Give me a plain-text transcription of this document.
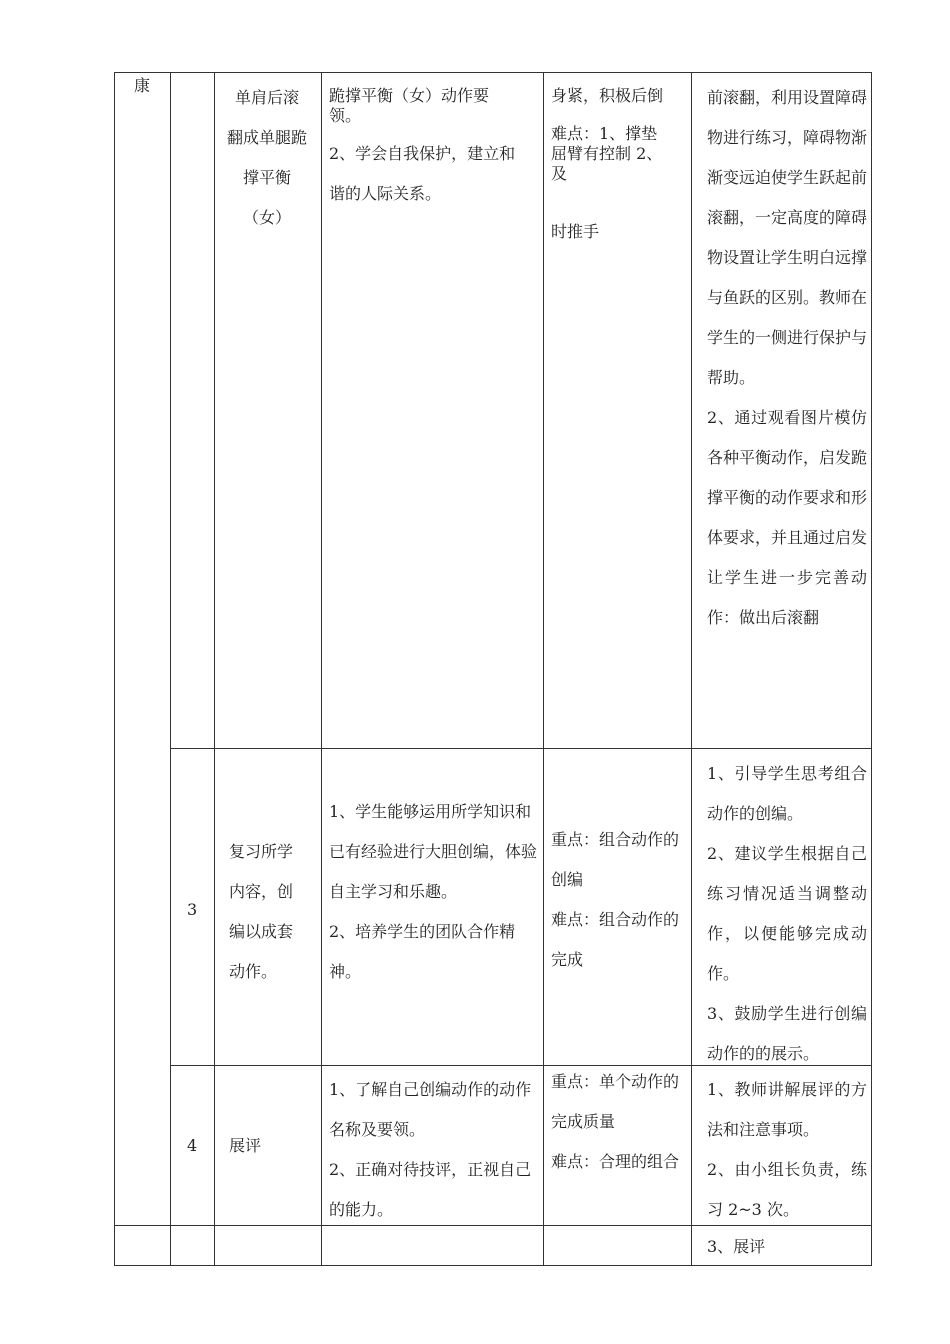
康
单肩后滚
翻成单腿跪
撑平衡
（女）
跪撑平衡（女）动作要
领。
2、学会自我保护，建立和
谐的人际关系。
身紧，积极后倒
难点：1、撑垫
屈臂有控制 2、
及
时推手
前滚翻，利用设置障碍物进行练习，障碍物渐渐变远迫使学生跃起前滚翻，一定高度的障碍物设置让学生明白远撑与鱼跃的区别。教师在学生的一侧进行保护与帮助。
2、通过观看图片模仿各种平衡动作，启发跪撑平衡的动作要求和形体要求，并且通过启发让学生进一步完善动作：做出后滚翻
3
复习所学
内容，创
编以成套
动作。
1、学生能够运用所学知识和已有经验进行大胆创编，体验自主学习和乐趣。
2、培养学生的团队合作精神。
重点：组合动作的创编
难点：组合动作的完成
1、引导学生思考组合动作的创编。
2、建议学生根据自己练习情况适当调整动作，以便能够完成动作。
3、鼓励学生进行创编动作的的展示。
4 展评
1、了解自己创编动作的动作名称及要领。
2、正确对待技评，正视自己的能力。
重点：单个动作的完成质量
难点：合理的组合
1、教师讲解展评的方法和注意事项。
2、由小组长负责，练习 2~3 次。
3、展评
